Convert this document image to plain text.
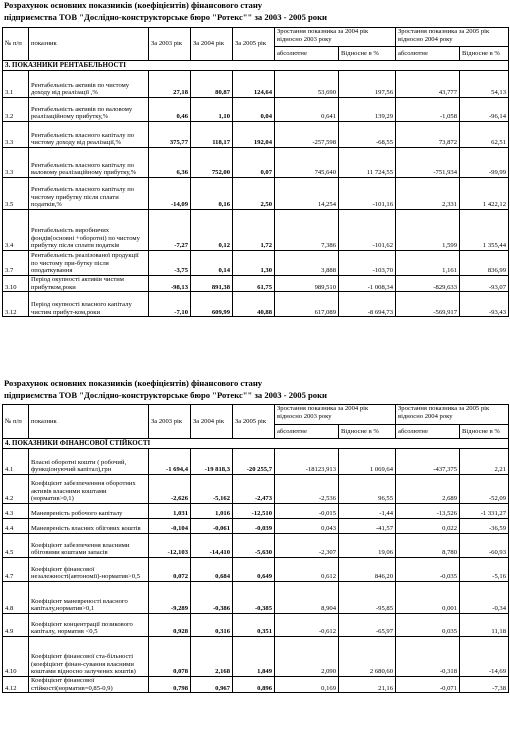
Розрахунок основних показників (коефіцієнтів) фінансового стану
підприємства ТОВ "Дослідно-конструкторське бюро "Ротекс"" за 2003 - 2005 роки
№ п/п	показник	За 2003 рік	За 2004 рік	За 2005 рік	Зростання показника за 2004 рік відносно 2003 року		Зростання показника за 2005 рік відносно 2004 року	
					абсолютне	Відносне в %	абсолютне	Відносне в %
3. ПОКАЗНИКИ РЕНТАБЕЛЬНОСТІ								
3.1	Рентабельність активів по чистому доходу від реалізації ,%	27,18	80,87	124,64	53,690	197,56	43,777	54,13
3.2	Рентабельність активів по валовому реалізаційному прибутку,%	0,46	1,10	0,04	0,641	139,29	-1,058	-96,14
3.3	Рентабельність власного капіталу по чистому доходу від реалізації,%	375,77	118,17	192,04	-257,598	-68,55	73,872	62,51
3.3	Рентабельність власного капіталу по валовому реалізаційному прибутку,%	6,36	752,00	0,07	745,640	11 724,55	-751,934	-99,99
3.5	Рентабельність власного капіталу по чистому прибутку після сплати податків,%	-14,09	0,16	2,50	14,254	-101,16	2,331	1 422,12
3.4	Рентабельність виробничих фондів(основні +оборотні) по чистому прибутку після сплати податків	-7,27	0,12	1,72	7,386	-101,62	1,599	1 355,44
3.7	Рентабельність реалізованої продукції по чистому при-бутку після оподаткування	-3,75	0,14	1,30	3,888	-103,70	1,161	836,99
3.10	Період окупності активів чистим прибутком,роки	-98,13	891,38	61,75	989,510	-1 008,34	-829,633	-93,07
3.12	Період окупності власного капіталу чистим прибут-ком,роки	-7,10	609,99	40,88	617,089	-8 694,73	-569,917	-93,43
Розрахунок основних показників (коефіцієнтів) фінансового стану
підприємства ТОВ "Дослідно-конструкторське бюро "Ротекс"" за 2003 - 2005 роки
№ п/п	показник	За 2003 рік	За 2004 рік	За 2005 рік	Зростання показника за 2004 рік відносно 2003 року		Зростання показника за 2005 рік відносно 2004 року	
					абсолютне	Відносне в %	абсолютне	Відносне в %
4. ПОКАЗНИКИ ФІНАНСОВОЇ СТІЙКОСТІ								
4.1	Власні оборотні кошти ( робочий, функціонуючий капітал),грн	-1 694,4	-19 818,3	-20 255,7	-18123,913	1 069,64	-437,375	2,21
4.2	Коефіцієнт забезпеченння оборотних активів власними коштами (норматив>0,1)	-2,626	-5,162	-2,473	-2,536	96,55	2,689	-52,09
4.3	Маневреність робочого капіталу	1,031	1,016	-12,510	-0,015	-1,44	-13,526	-1 331,27
4.4	Маневреність власних обігових коштів	-0,104	-0,061	-0,039	0,043	-41,57	0,022	-36,59
4.5	Коефіцієнт забезпечення власними обіговими коштами запасів	-12,103	-14,410	-5,630	-2,307	19,06	8,780	-60,93
4.7	Коефіцієнт фінансової незалежності(автономії)-норматив>0,5	0,072	0,684	0,649	0,612	846,20	-0,035	-5,16
4.8	Коефіцієнт маневреності власного капіталу,норматив>0,1	-9,289	-0,386	-0,385	8,904	-95,85	0,001	-0,34
4.9	Коефіцієнт концентрації позикового капіталу, норматив <0,5	0,928	0,316	0,351	-0,612	-65,97	0,035	11,18
4.10	Коефіцієнт фінансової ста-більності (коефіцієнт фінан-сування власними коштами відносно залучених коштів)	0,078	2,168	1,849	2,090	2 680,60	-0,318	-14,69
4.12	Коефіцієнт фінансової стійкості(норматив=0,85-0,9)	0,798	0,967	0,896	0,169	21,16	-0,071	-7,38
